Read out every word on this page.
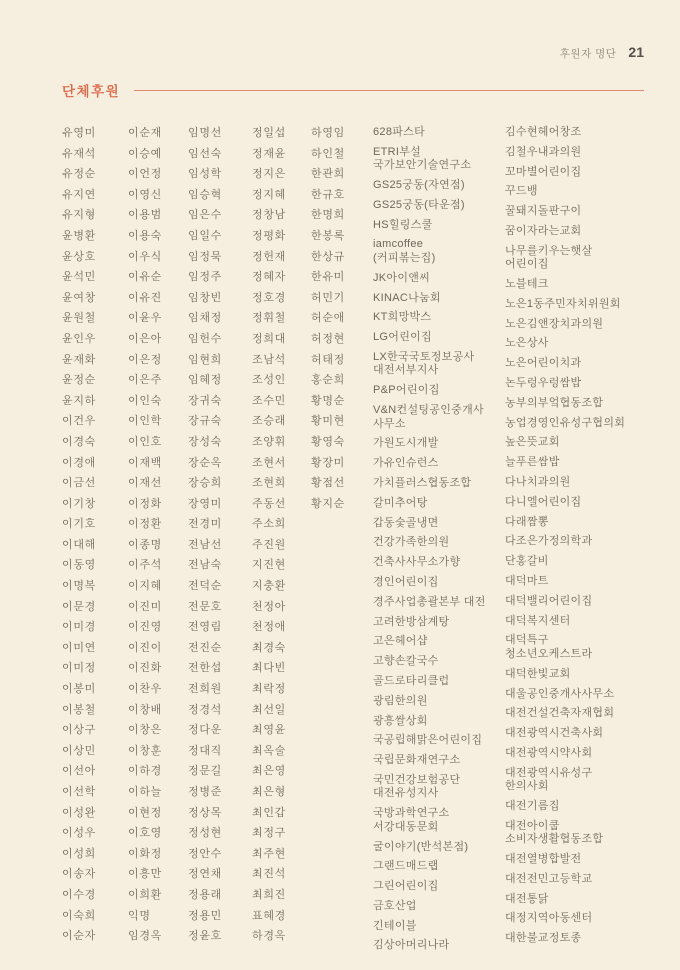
후원자 명단 21
단체후원
유영미
유재석
유정순
유지연
유지형
윤병환
윤상호
윤석민
윤여창
윤원철
윤인우
윤재화
윤정순
윤지하
이건우
이경숙
이경애
이금선
이기창
이기호
이대해
이동영
이명복
이문경
이미경
이미연
이미정
이봉미
이봉철
이상구
이상민
이선아
이선학
이성완
이성우
이성희
이송자
이수경
이숙희
이순자
이순재
이승예
이언정
이영신
이용범
이용숙
이우식
이유순
이유진
이윤우
이은아
이은정
이은주
이인숙
이인학
이인호
이재백
이재선
이정화
이정환
이종명
이주석
이지혜
이진미
이진영
이진이
이진화
이찬우
이창배
이창은
이창훈
이하경
이하늘
이현정
이호영
이화정
이흥만
이희환
익명
임경옥
임명선
임선숙
임성학
임승혁
임은수
임일수
임정묵
임정주
임창빈
임채정
임헌수
임현희
임혜정
장귀숙
장규숙
장성숙
장순옥
장승희
장영미
전경미
전남선
전남숙
전덕순
전문호
전영림
전진순
전한섭
전희원
정경석
정다운
정대직
정문길
정병준
정상목
정성현
정안수
정연채
정용래
정용민
정윤호
정일섭
정재윤
정지은
정지혜
정창남
정평화
정헌재
정혜자
정호경
정휘철
정희대
조남석
조성인
조수민
조승래
조양휘
조현서
조현희
주동선
주소희
주진원
지진현
지충환
천정아
천정애
최경숙
최다빈
최락정
최선일
최영윤
최옥술
최은영
최은형
최인갑
최정구
최주현
최진석
최희진
표혜경
하경옥
하영임
하인철
한관희
한규호
한명희
한봉록
한상규
한유미
허민기
허순애
허정현
허태정
홍순희
황명순
황미현
황영숙
황장미
황점선
황지순
628파스타
ETRI부설
국가보안기술연구소
GS25궁동(자연점)
GS25궁동(타운점)
HS힐링스쿨
iamcoffee
(커피볶는집)
JK아이앤씨
KINAC나눔회
KT희망박스
LG어린이집
LX한국국토정보공사
대전서부지사
P&P어린이집
V&N컨설팅공인중개사
사무소
가원도시개발
가유인슈런스
가치플러스협동조합
갈미추어탕
갑동숯골냉면
건강가족한의원
건축사사무소가향
경인어린이집
경주사업총괄본부 대전
고려한방삼계탕
고은헤어샵
고향손칼국수
골드로타리클럽
광림한의원
광흥쌀상회
국공립해맑은어린이집
국립문화재연구소
국민건강보험공단
대전유성지사
국방과학연구소
서강대동문회
굴이야기(반석본점)
그랜드매드랩
그린어린이집
금호산업
긴테이블
김상아머리나라
김수현헤어창조
김철우내과의원
꼬마별어린이집
꾸드뱅
꿀돼지돌판구이
꿈이자라는교회
나무를키우는햇살
어린이집
노블테크
노은1동주민자치위원회
노은김앤장치과의원
노은상사
노은어린이치과
논두렁우렁쌈밥
농부의부엌협동조합
농업경영인유성구협의회
높은뜻교회
늘푸른쌈밥
다나치과의원
다니엘어린이집
다래짬뽕
다조은가정의학과
단홍갈비
대덕마트
대덕밸리어린이집
대덕복지센터
대덕특구
청소년오케스트라
대덕한빛교회
대울공인중개사사무소
대전건설건축자재협회
대전광역시건축사회
대전광역시약사회
대전광역시유성구
한의사회
대전기름집
대전아이쿱
소비자생활협동조합
대전열병합발전
대전전민고등학교
대전통닭
대정지역아동센터
대한불교정토종
